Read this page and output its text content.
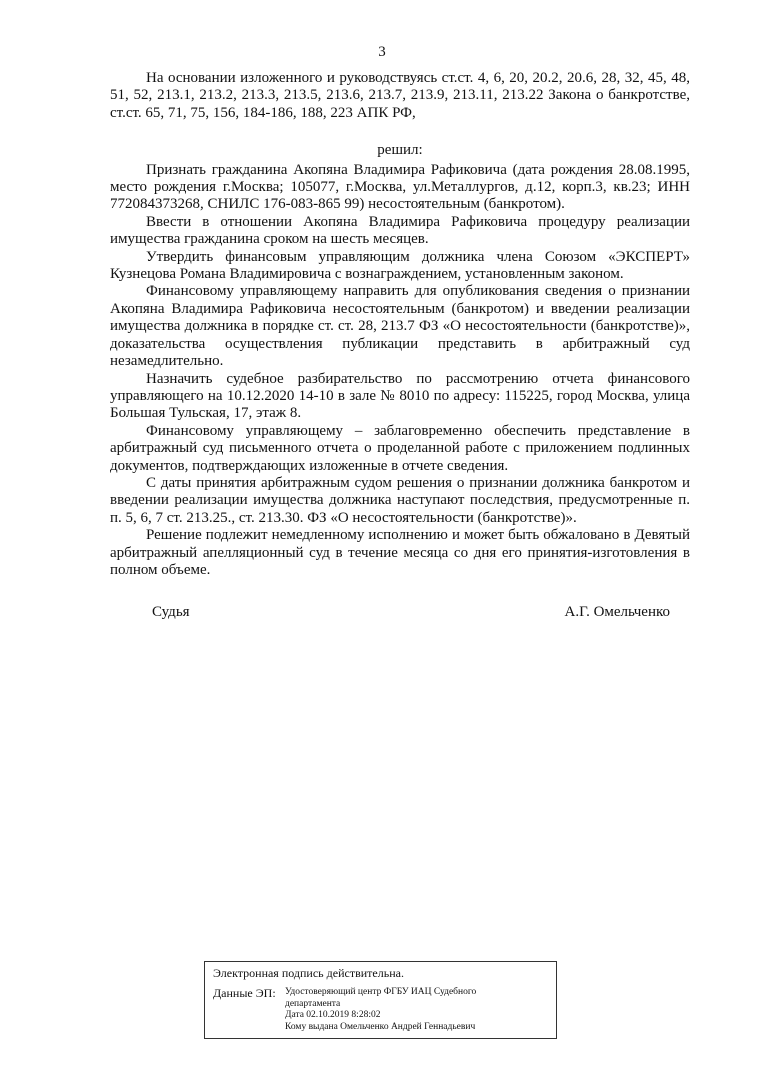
3

На основании изложенного и руководствуясь ст.ст. 4, 6, 20, 20.2, 20.6, 28, 32, 45, 48, 51, 52, 213.1, 213.2, 213.3, 213.5, 213.6, 213.7, 213.9, 213.11, 213.22 Закона о банкротстве, ст.ст. 65, 71, 75, 156, 184-186, 188, 223 АПК РФ,

решил:

Признать гражданина Акопяна Владимира Рафиковича (дата рождения 28.08.1995, место рождения г.Москва; 105077, г.Москва, ул.Металлургов, д.12, корп.3, кв.23; ИНН 772084373268, СНИЛС 176-083-865 99) несостоятельным (банкротом).

Ввести в отношении Акопяна Владимира Рафиковича процедуру реализации имущества гражданина сроком на шесть месяцев.

Утвердить финансовым управляющим должника члена Союзом «ЭКСПЕРТ» Кузнецова Романа Владимировича с вознаграждением, установленным законом.

Финансовому управляющему направить для опубликования сведения о признании Акопяна Владимира Рафиковича несостоятельным (банкротом) и введении реализации имущества должника в порядке ст. ст. 28, 213.7 ФЗ «О несостоятельности (банкротстве)», доказательства осуществления публикации представить в арбитражный суд незамедлительно.

Назначить судебное разбирательство по рассмотрению отчета финансового управляющего на 10.12.2020 14-10 в зале № 8010 по адресу: 115225, город Москва, улица Большая Тульская, 17, этаж 8.

Финансовому управляющему – заблаговременно обеспечить представление в арбитражный суд письменного отчета о проделанной работе с приложением подлинных документов, подтверждающих изложенные в отчете сведения.

С даты принятия арбитражным судом решения о признании должника банкротом и введении реализации имущества должника наступают последствия, предусмотренные п. п. 5, 6, 7 ст. 213.25., ст. 213.30. ФЗ «О несостоятельности (банкротстве)».

Решение подлежит немедленному исполнению и может быть обжаловано в Девятый арбитражный апелляционный суд в течение месяца со дня его принятия-изготовления в полном объеме.

Судья	А.Г. Омельченко
Электронная подпись действительна.
Данные ЭП: Удостоверяющий центр ФГБУ ИАЦ Судебного
департамента
Дата 02.10.2019 8:28:02
Кому выдана Омельченко Андрей Геннадьевич
